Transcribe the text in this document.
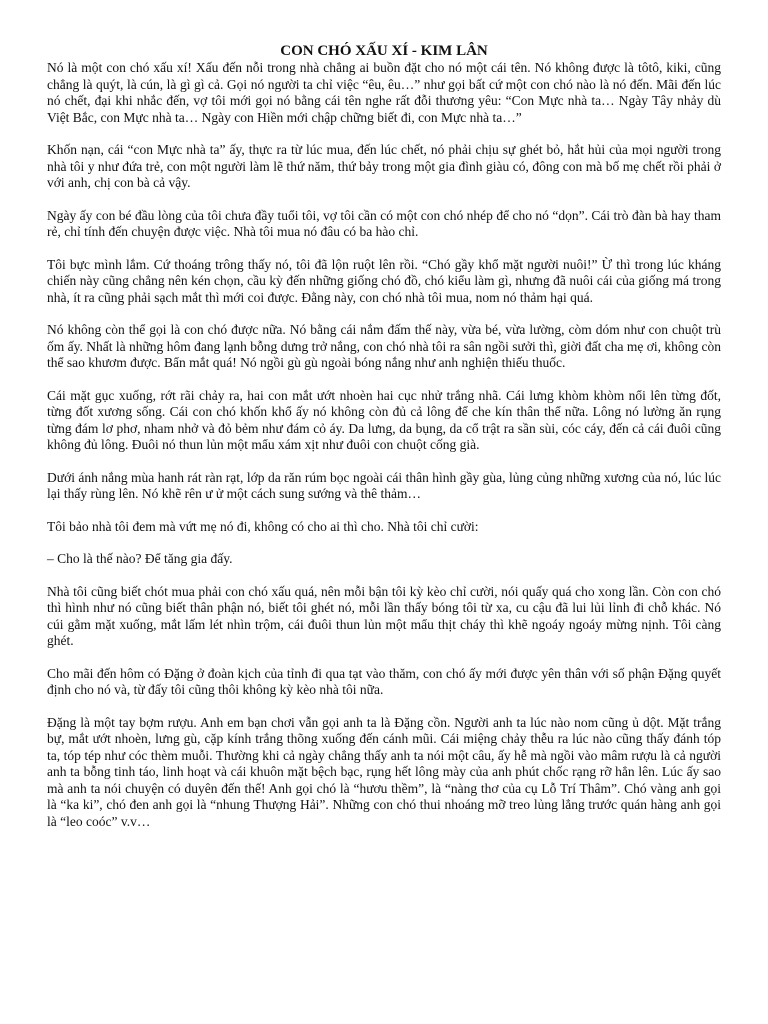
CON CHÓ XẤU XÍ - KIM LÂN

Nó là một con chó xấu xí! Xấu đến nỗi trong nhà chẳng ai buồn đặt cho nó một cái tên. Nó không được là tôtô, kiki, cũng chẳng là quýt, là cún, là gì gì cả. Gọi nó người ta chỉ việc “êu, êu…” như gọi bất cứ một con chó nào là nó đến. Mãi đến lúc nó chết, đại khi nhắc đến, vợ tôi mới gọi nó bằng cái tên nghe rất đỗi thương yêu: “Con Mực nhà ta… Ngày Tây nhảy dù Việt Bắc, con Mực nhà ta… Ngày con Hiền mới chập chững biết đi, con Mực nhà ta…”

Khốn nạn, cái “con Mực nhà ta” ấy, thực ra từ lúc mua, đến lúc chết, nó phải chịu sự ghét bỏ, hắt hủi của mọi người trong nhà tôi y như đứa trẻ, con một người làm lẽ thứ năm, thứ bảy trong một gia đình giàu có, đông con mà bố mẹ chết rồi phải ở với anh, chị con bà cả vậy.

Ngày ấy con bé đầu lòng của tôi chưa đầy tuổi tôi, vợ tôi cần có một con chó nhép để cho nó “dọn”. Cái trò đàn bà hay tham rẻ, chỉ tính đến chuyện được việc. Nhà tôi mua nó đâu có ba hào chỉ.

Tôi bực mình lắm. Cứ thoáng trông thấy nó, tôi đã lộn ruột lên rồi. “Chó gầy khổ mặt người nuôi!” Ừ thì trong lúc kháng chiến này cũng chẳng nên kén chọn, cầu kỳ đến những giống chó đồ, chó kiểu làm gì, nhưng đã nuôi cái của giống má trong nhà, ít ra cũng phải sạch mắt thì mới coi được. Đằng này, con chó nhà tôi mua, nom nó thảm hại quá.

Nó không còn thể gọi là con chó được nữa. Nó bằng cái nắm đấm thế này, vừa bé, vừa lường, còm dóm như con chuột trù ốm ấy. Nhất là những hôm đang lạnh bỗng dưng trở nắng, con chó nhà tôi ra sân ngồi sưởi thì, giời đất cha mẹ ơi, không còn thể sao khươm được. Bẩn mắt quá! Nó ngồi gù gù ngoài bóng nắng như anh nghiện thiếu thuốc.

Cái mặt gục xuống, rớt rãi chảy ra, hai con mắt ướt nhoèn hai cục nhử trắng nhã. Cái lưng khòm khòm nổi lên từng đốt, từng đốt xương sống. Cái con chó khốn khổ ấy nó không còn đủ cả lông để che kín thân thể nữa. Lông nó lường ăn rụng từng đám lơ phơ, nham nhở và đỏ bẻm như đám cỏ áy. Da lưng, da bụng, da cổ trật ra sần sùi, cóc cáy, đến cả cái đuôi cũng không đủ lông. Đuôi nó thun lủn một mẩu xám xịt như đuôi con chuột cống già.

Dưới ánh nắng mùa hanh rát ràn rạt, lớp da răn rúm bọc ngoài cái thân hình gầy gùa, lủng củng những xương của nó, lúc lúc lại thấy rùng lên. Nó khẽ rên ư ử một cách sung sướng và thê thảm…

Tôi bảo nhà tôi đem mà vứt mẹ nó đi, không có cho ai thì cho. Nhà tôi chỉ cười:

– Cho là thế nào? Để tăng gia đấy.

Nhà tôi cũng biết chót mua phải con chó xấu quá, nên mỗi bận tôi kỳ kèo chỉ cười, nói quấy quá cho xong lần. Còn con chó thì hình như nó cũng biết thân phận nó, biết tôi ghét nó, mỗi lần thấy bóng tôi từ xa, cu cậu đã lui lủi lỉnh đi chỗ khác. Nó cúi gằm mặt xuống, mắt lấm lét nhìn trộm, cái đuôi thun lủn một mẩu thịt cháy thì khẽ ngoáy ngoáy mừng nịnh. Tôi càng ghét.

Cho mãi đến hôm có Đặng ở đoàn kịch của tỉnh đi qua tạt vào thăm, con chó ấy mới được yên thân với số phận Đặng quyết định cho nó và, từ đấy tôi cũng thôi không kỳ kèo nhà tôi nữa.

Đặng là một tay bợm rượu. Anh em bạn chơi vẫn gọi anh ta là Đặng cồn. Người anh ta lúc nào nom cũng ủ dột. Mặt trắng bự, mắt ướt nhoèn, lưng gù, cặp kính trắng thõng xuống đến cánh mũi. Cái miệng chảy thễu ra lúc nào cũng thấy đánh tóp ta, tóp tép như cóc thèm muỗi. Thường khi cả ngày chẳng thấy anh ta nói một câu, ấy hễ mà ngồi vào mâm rượu là cả người anh ta bỗng tinh táo, linh hoạt và cái khuôn mặt bệch bạc, rụng hết lông mày của anh phút chốc rạng rỡ hẳn lên. Lúc ấy sao mà anh ta nói chuyện có duyên đến thế! Anh gọi chó là “hươu thềm”, là “nàng thơ của cụ Lỗ Trí Thâm”. Chó vàng anh gọi là “ka ki”, chó đen anh gọi là “nhung Thượng Hải”. Những con chó thui nhoáng mỡ treo lủng lẳng trước quán hàng anh gọi là “leo coóc” v.v…
